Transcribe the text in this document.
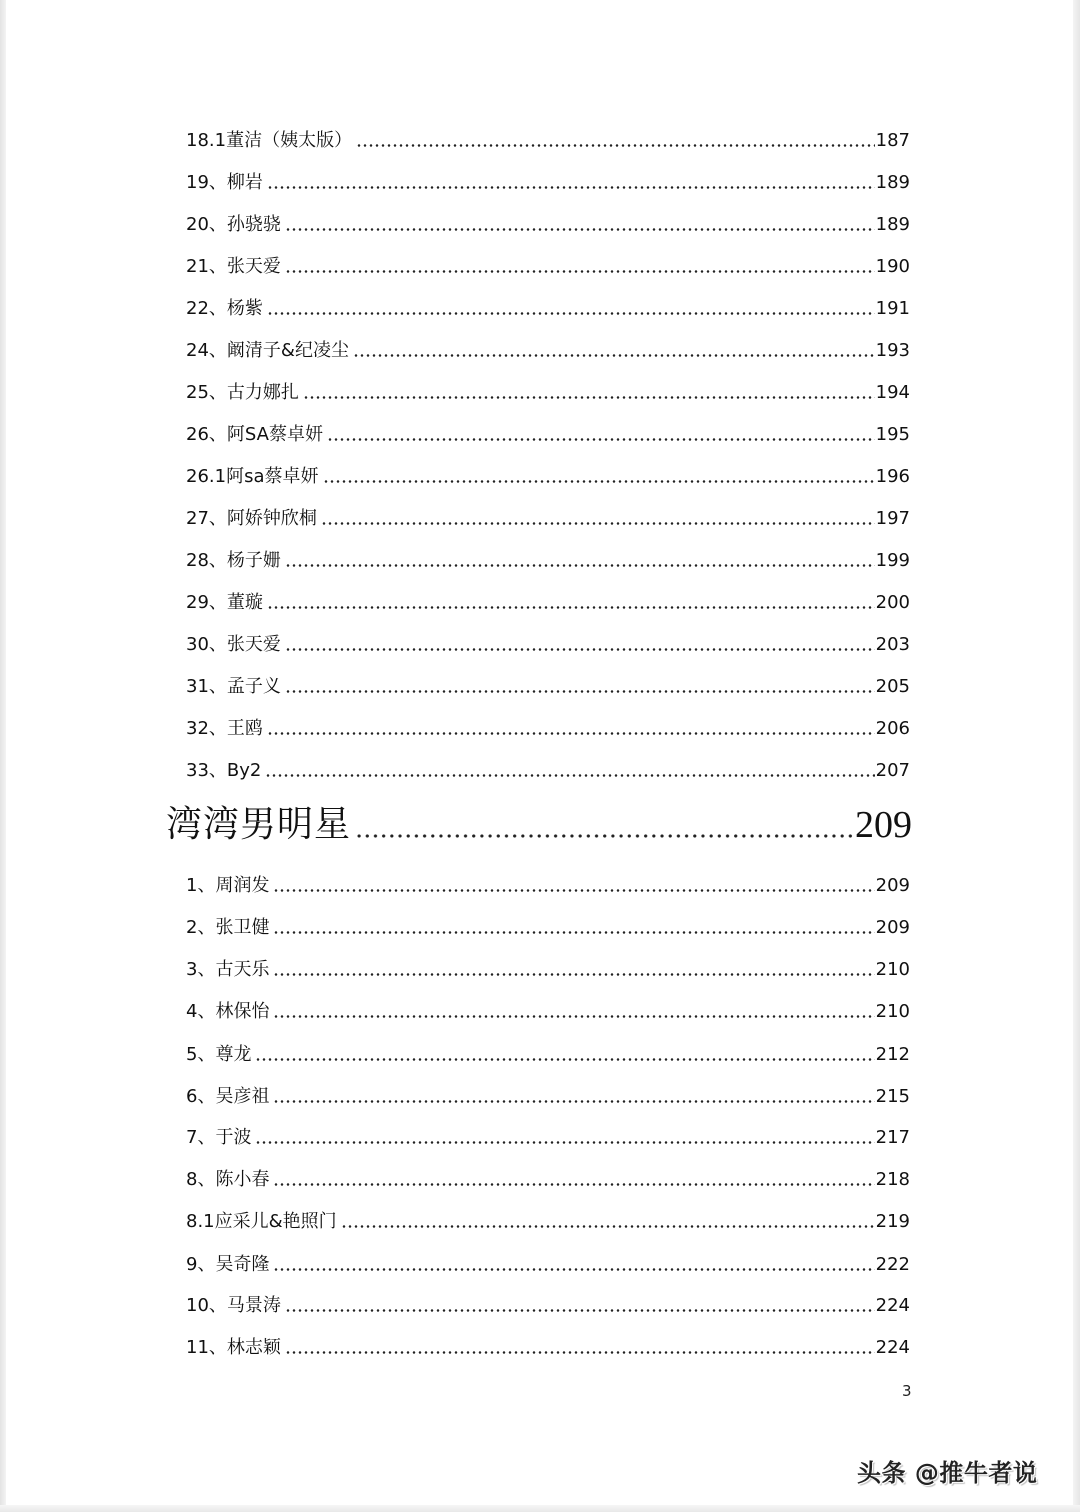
18.1董洁（姨太版）	187
19、柳岩	189
20、孙骁骁	189
21、张天爱	190
22、杨紫	191
24、阚清子&纪凌尘	193
25、古力娜扎	194
26、阿SA蔡卓妍	195
26.1阿sa蔡卓妍	196
27、阿娇钟欣桐	197
28、杨子姗	199
29、董璇	200
30、张天爱	203
31、孟子义	205
32、王鸥	206
33、By2	207
湾湾男明星	209
1、周润发	209
2、张卫健	209
3、古天乐	210
4、林保怡	210
5、尊龙	212
6、吴彦祖	215
7、于波	217
8、陈小春	218
8.1应采儿&艳照门	219
9、吴奇隆	222
10、马景涛	224
11、林志颖	224
3
头条 @推牛者说
